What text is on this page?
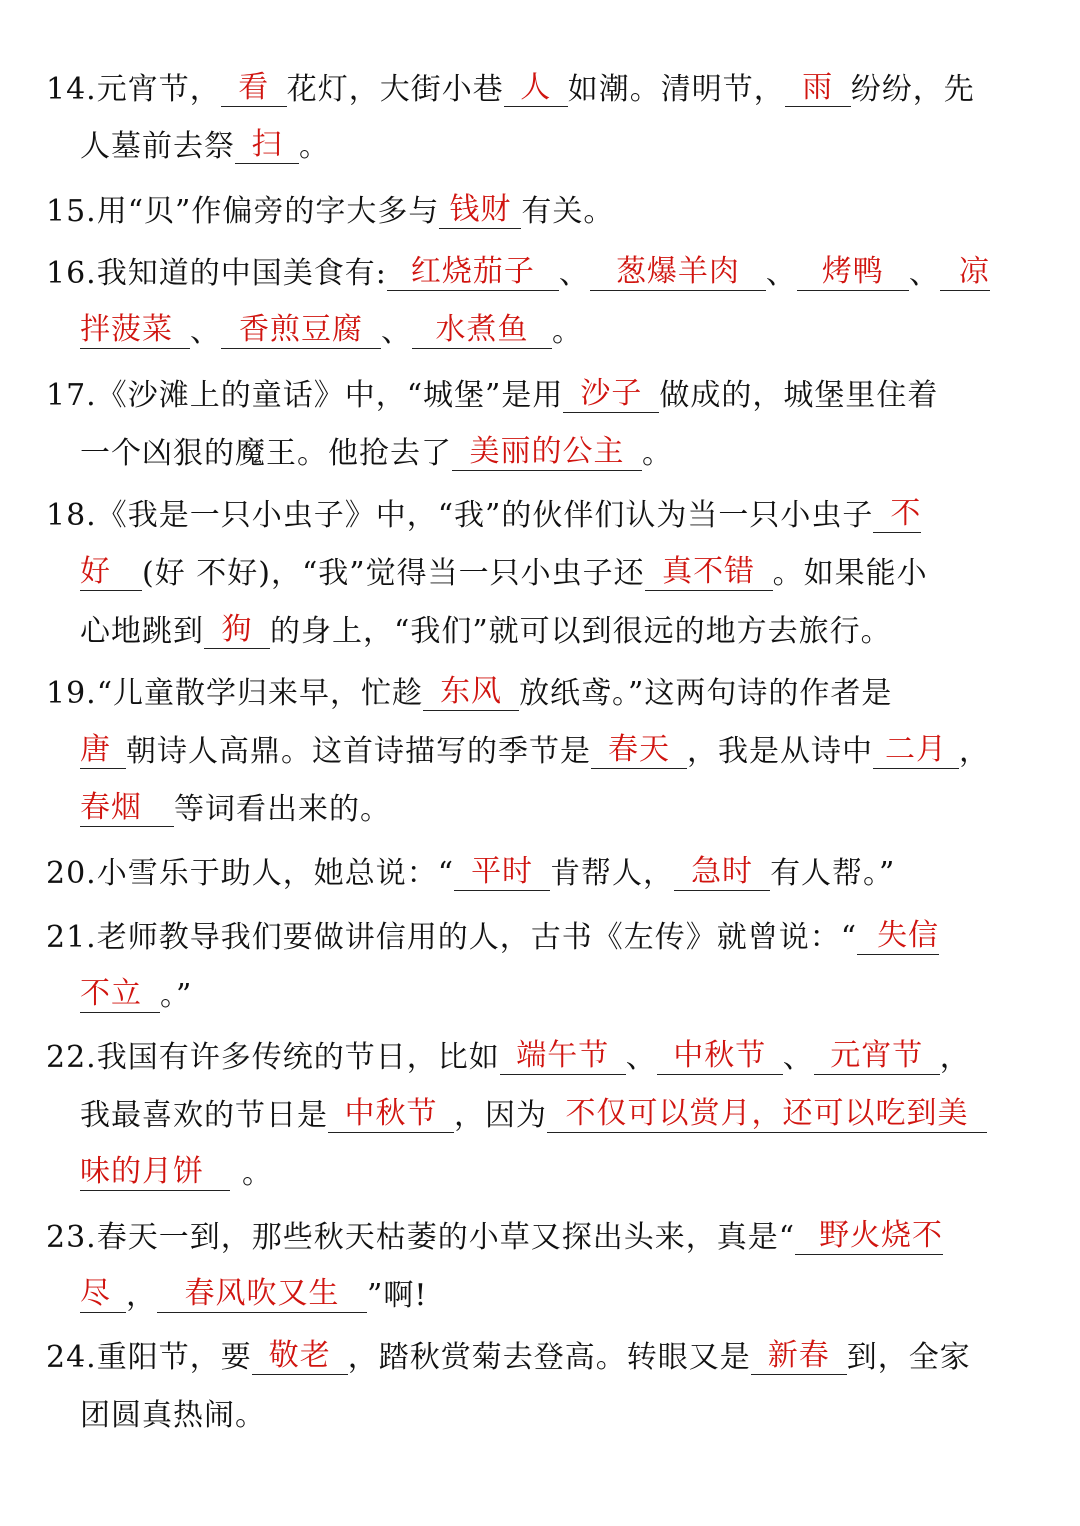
14.元宵节， 看 花灯，大街小巷 人 如潮。清明节， 雨 纷纷，先
人墓前去祭 扫 。
15.用“贝”作偏旁的字大多与 钱财 有关。
16.我知道的中国美食有: 红烧茄子 、 葱爆羊肉 、 烤鸭 、 凉
拌菠菜 、 香煎豆腐 、 水煮鱼 。
17.《沙滩上的童话》中，“城堡”是用 沙子 做成的，城堡里住着
一个凶狠的魔王。他抢去了 美丽的公主 。
18.《我是一只小虫子》中，“我”的伙伴们认为当一只小虫子 不
好 (好 不好)，“我”觉得当一只小虫子还 真不错 。如果能小
心地跳到 狗 的身上，“我们”就可以到很远的地方去旅行。
19.“儿童散学归来早，忙趁 东风 放纸鸢。”这两句诗的作者是
唐 朝诗人高鼎。这首诗描写的季节是 春天 ，我是从诗中 二月 ，
春烟 等词看出来的。
20.小雪乐于助人，她总说：“ 平时 肯帮人， 急时 有人帮。”
21.老师教导我们要做讲信用的人，古书《左传》就曾说：“ 失信
不立 。”
22.我国有许多传统的节日，比如 端午节 、 中秋节 、 元宵节 ，
我最喜欢的节日是 中秋节 ，因为 不仅可以赏月，还可以吃到美
味的月饼 。
23.春天一到，那些秋天枯萎的小草又探出头来，真是“ 野火烧不
尽 ， 春风吹又生 ”啊!
24.重阳节，要 敬老 ，踏秋赏菊去登高。转眼又是 新春 到，全家
团圆真热闹。
